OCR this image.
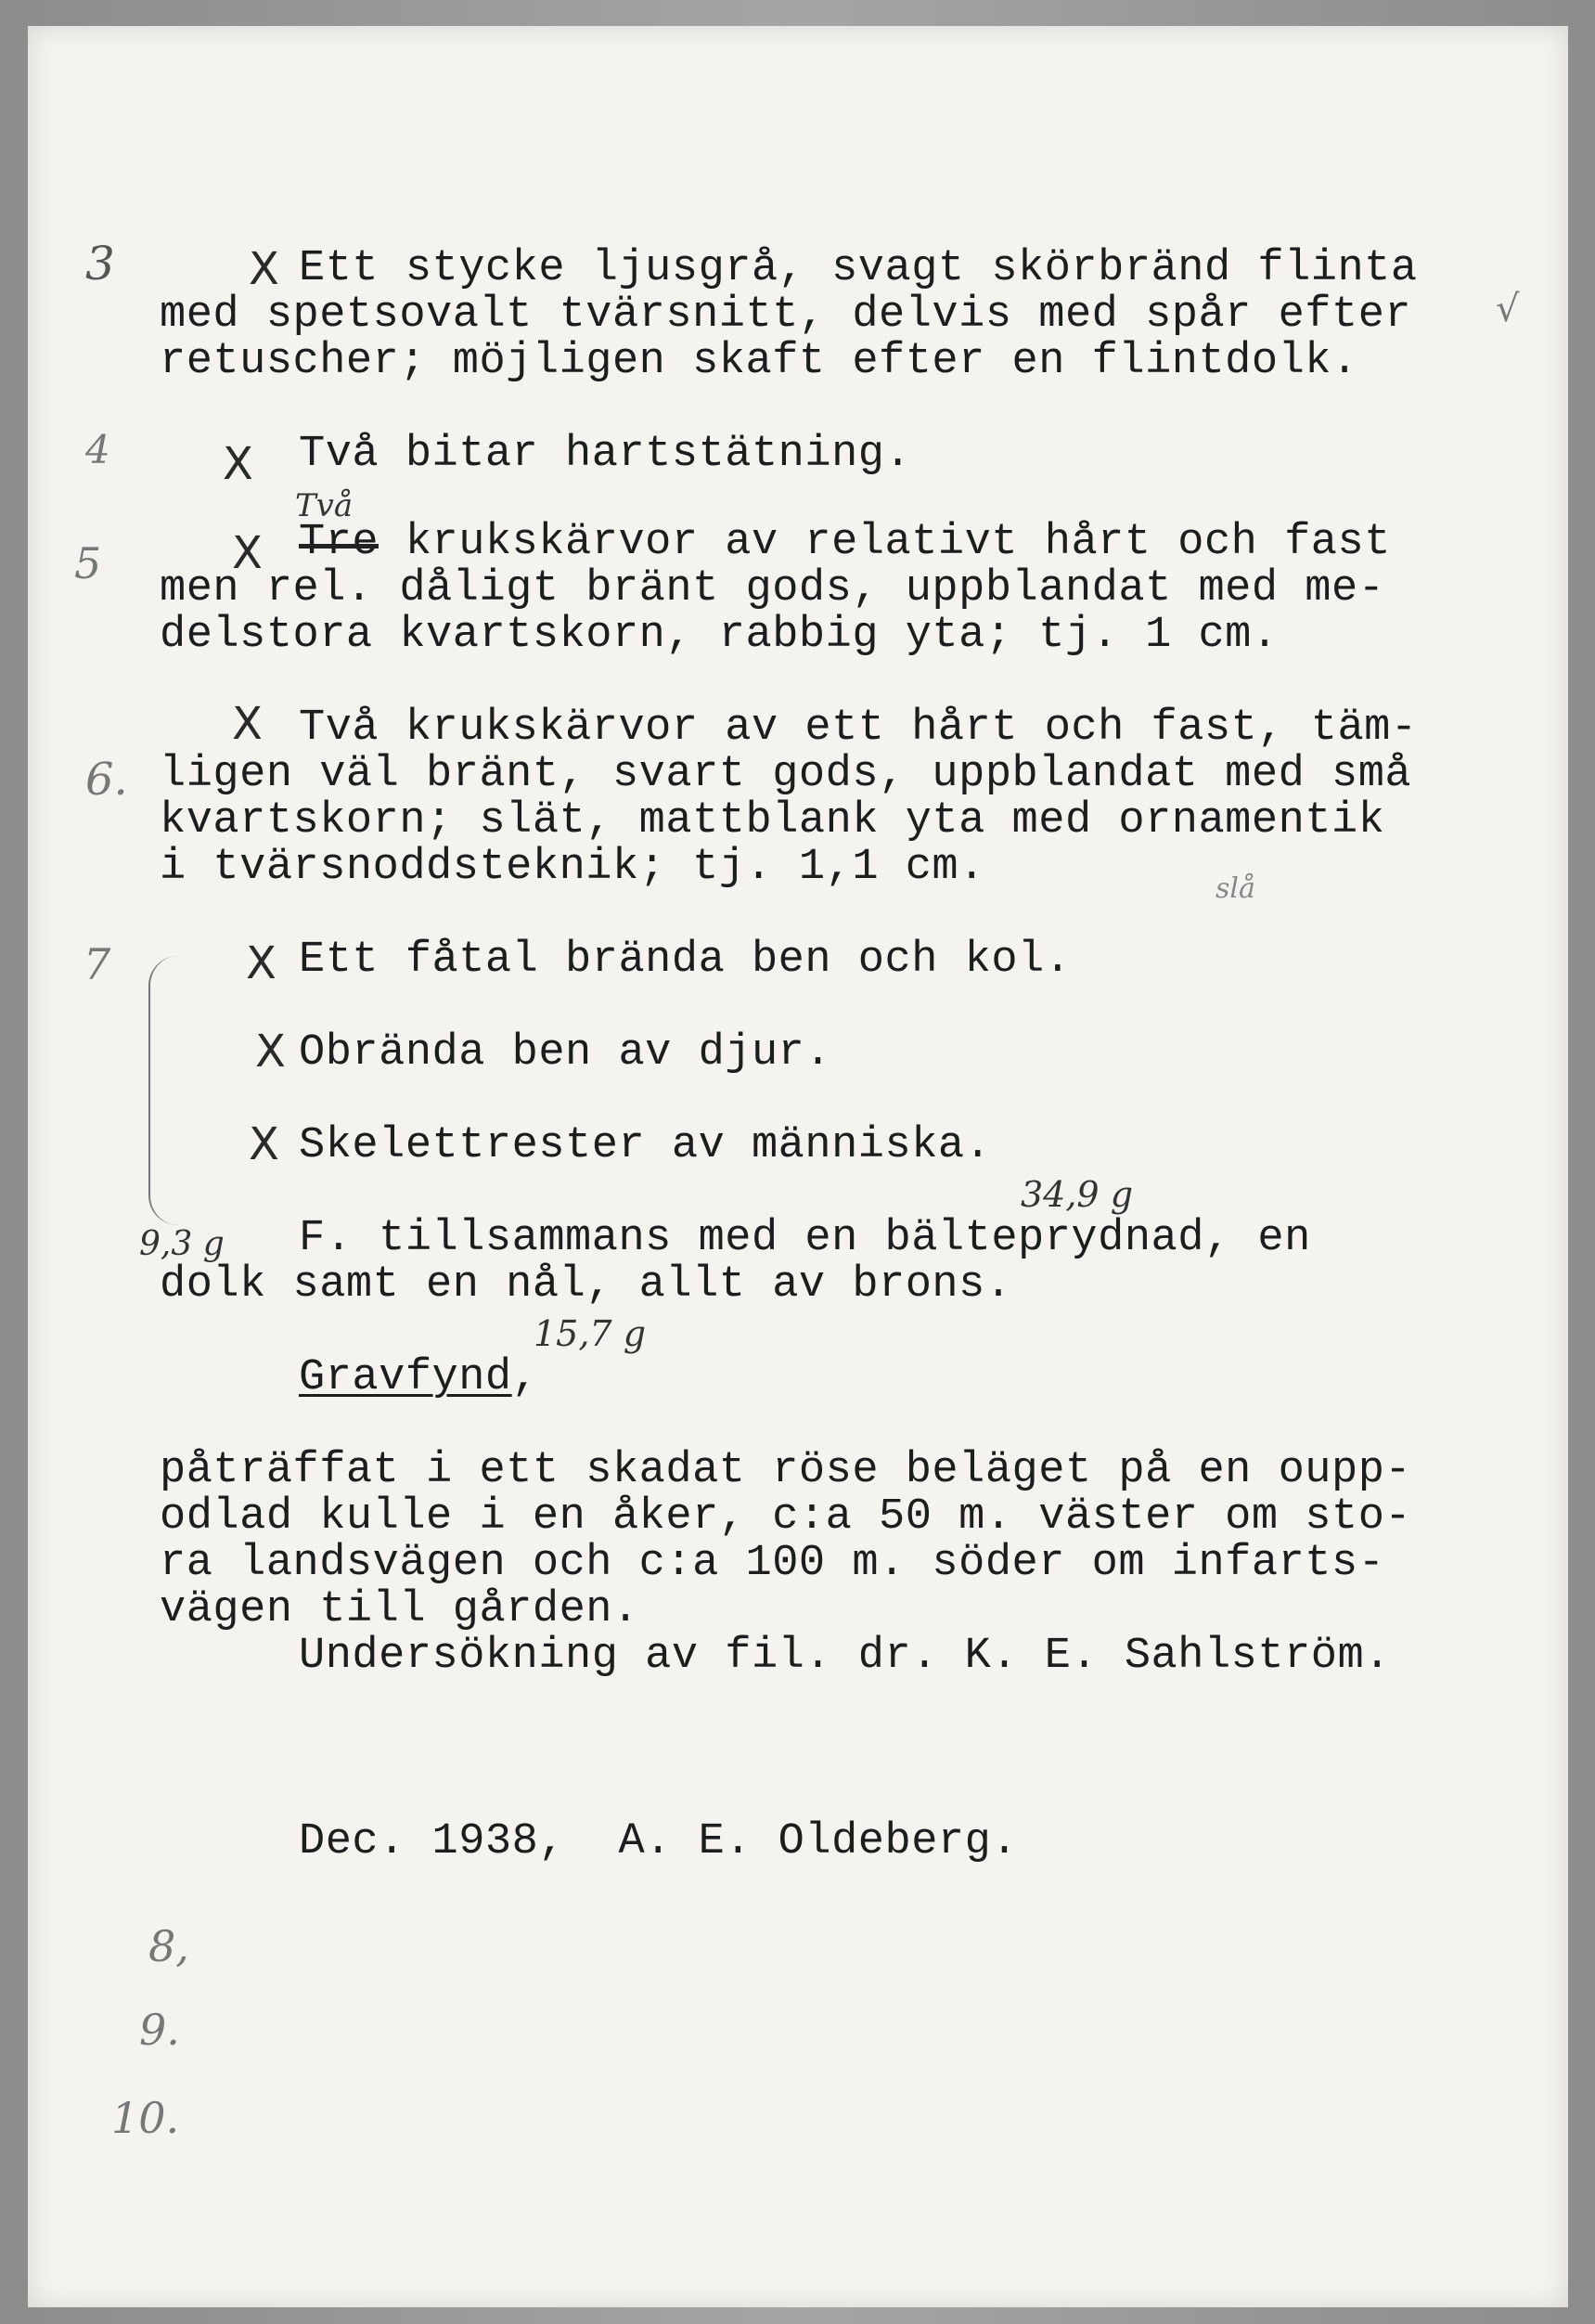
3
4
5
6.
7
8,
9.
10.
X
X
X
X
X
X
X
√
Ett stycke ljusgrå, svagt skörbränd flinta
med spetsovalt tvärsnitt, delvis med spår efter
retuscher; möjligen skaft efter en flintdolk.
Två bitar hartstätning.
Två
Tre krukskärvor av relativt hårt och fast
men rel. dåligt bränt gods, uppblandat med me-
delstora kvartskorn, rabbig yta; tj. 1 cm.
Två krukskärvor av ett hårt och fast, täm-
ligen väl bränt, svart gods, uppblandat med små
kvartskorn; slät, mattblank yta med ornamentik
i tvärsnoddsteknik; tj. 1,1 cm.	slå
Ett fåtal brända ben och kol.
Obrända ben av djur.
Skelettrester av människa.
34,9 g
9,3 g F. tillsammans med en bälteprydnad, en
dolk samt en nål, allt av brons.
15,7 g
Gravfynd,
påträffat i ett skadat röse beläget på en oupp-
odlad kulle i en åker, c:a 50 m. väster om sto-
ra landsvägen och c:a 100 m. söder om infarts-
vägen till gården.
Undersökning av fil. dr. K. E. Sahlström.
Dec. 1938,  A. E. Oldeberg.
